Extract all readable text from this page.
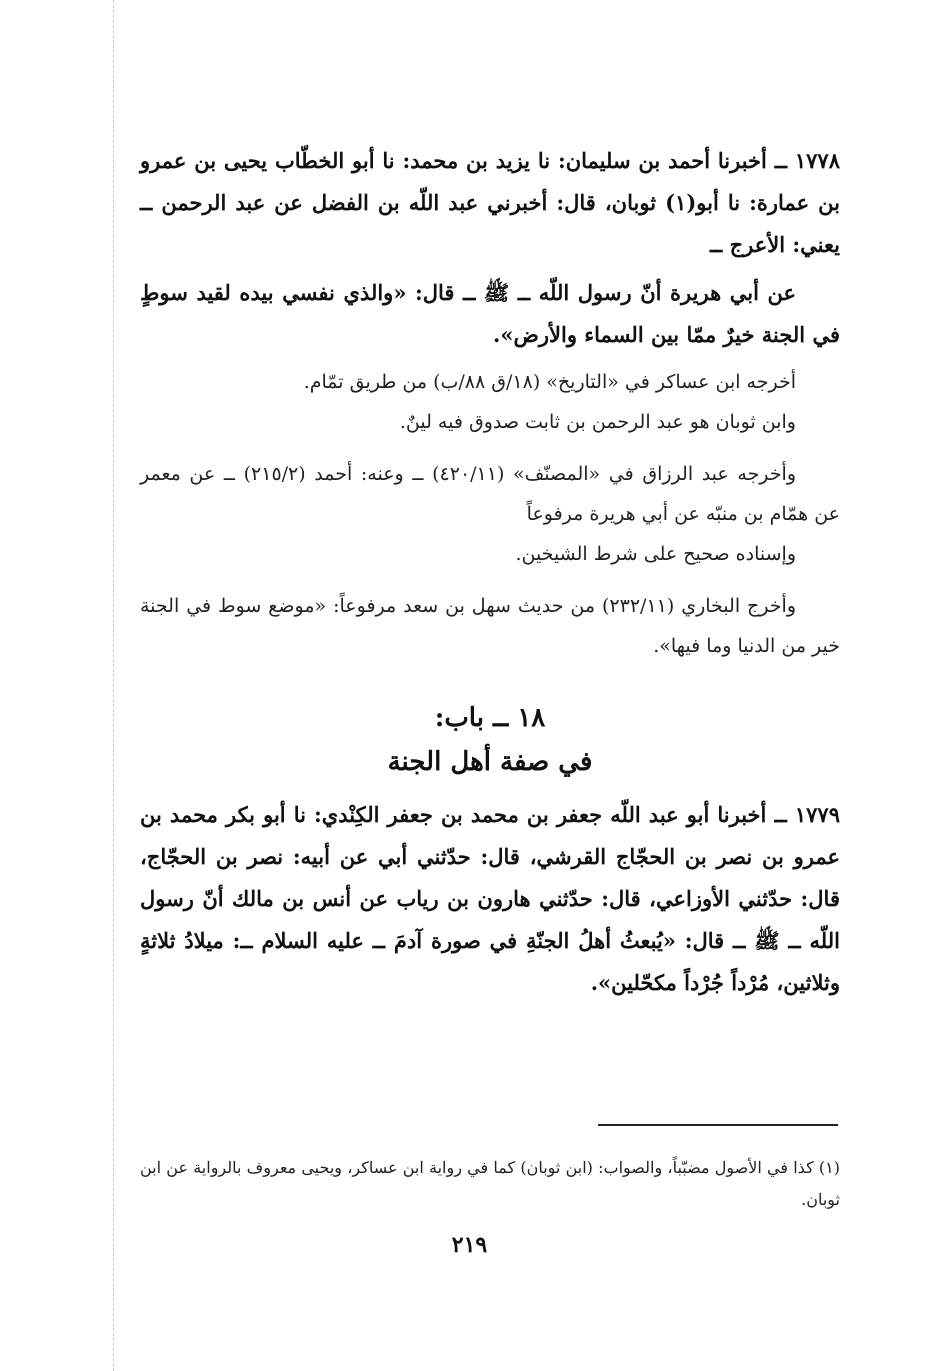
١٧٧٨ ــ أخبرنا أحمد بن سليمان: نا يزيد بن محمد: نا أبو الخطّاب يحيى بن عمرو بن عمارة: نا أبو(١) ثوبان، قال: أخبرني عبد اللّه بن الفضل عن عبد الرحمن ــ يعني: الأعرج ــ

عن أبي هريرة أنّ رسول اللّه ــ ﷺ ــ قال: «والذي نفسي بيده لقيد سوطٍ في الجنة خيرٌ ممّا بين السماء والأرض».

أخرجه ابن عساكر في «التاريخ» (١٨/ق ٨٨/ب) من طريق تمّام.

وابن ثوبان هو عبد الرحمن بن ثابت صدوق فيه لينٌ.

وأخرجه عبد الرزاق في «المصنّف» (٤٢٠/١١) ــ وعنه: أحمد (٢١٥/٢) ــ عن معمر عن همّام بن منبّه عن أبي هريرة مرفوعاً

وإسناده صحيح على شرط الشيخين.

وأخرج البخاري (٢٣٢/١١) من حديث سهل بن سعد مرفوعاً: «موضع سوط في الجنة خير من الدنيا وما فيها».

١٨ ــ باب:

في صفة أهل الجنة

١٧٧٩ ــ أخبرنا أبو عبد اللّه جعفر بن محمد بن جعفر الكِنْدي: نا أبو بكر محمد بن عمرو بن نصر بن الحجّاج القرشي، قال: حدّثني أبي عن أبيه: نصر بن الحجّاج، قال: حدّثني الأوزاعي، قال: حدّثني هارون بن رياب عن أنس بن مالك أنّ رسول اللّه ــ ﷺ ــ قال: «يُبعثُ أهلُ الجنّةِ في صورة آدمَ ــ عليه السلام ــ: ميلادُ ثلاثةٍ وثلاثين، مُرْداً جُرْداً مكحّلين».

(١) كذا في الأصول مضبّباً، والصواب: (ابن ثوبان) كما في رواية ابن عساكر، ويحيى معروف بالرواية عن ابن ثوبان.

٢١٩
